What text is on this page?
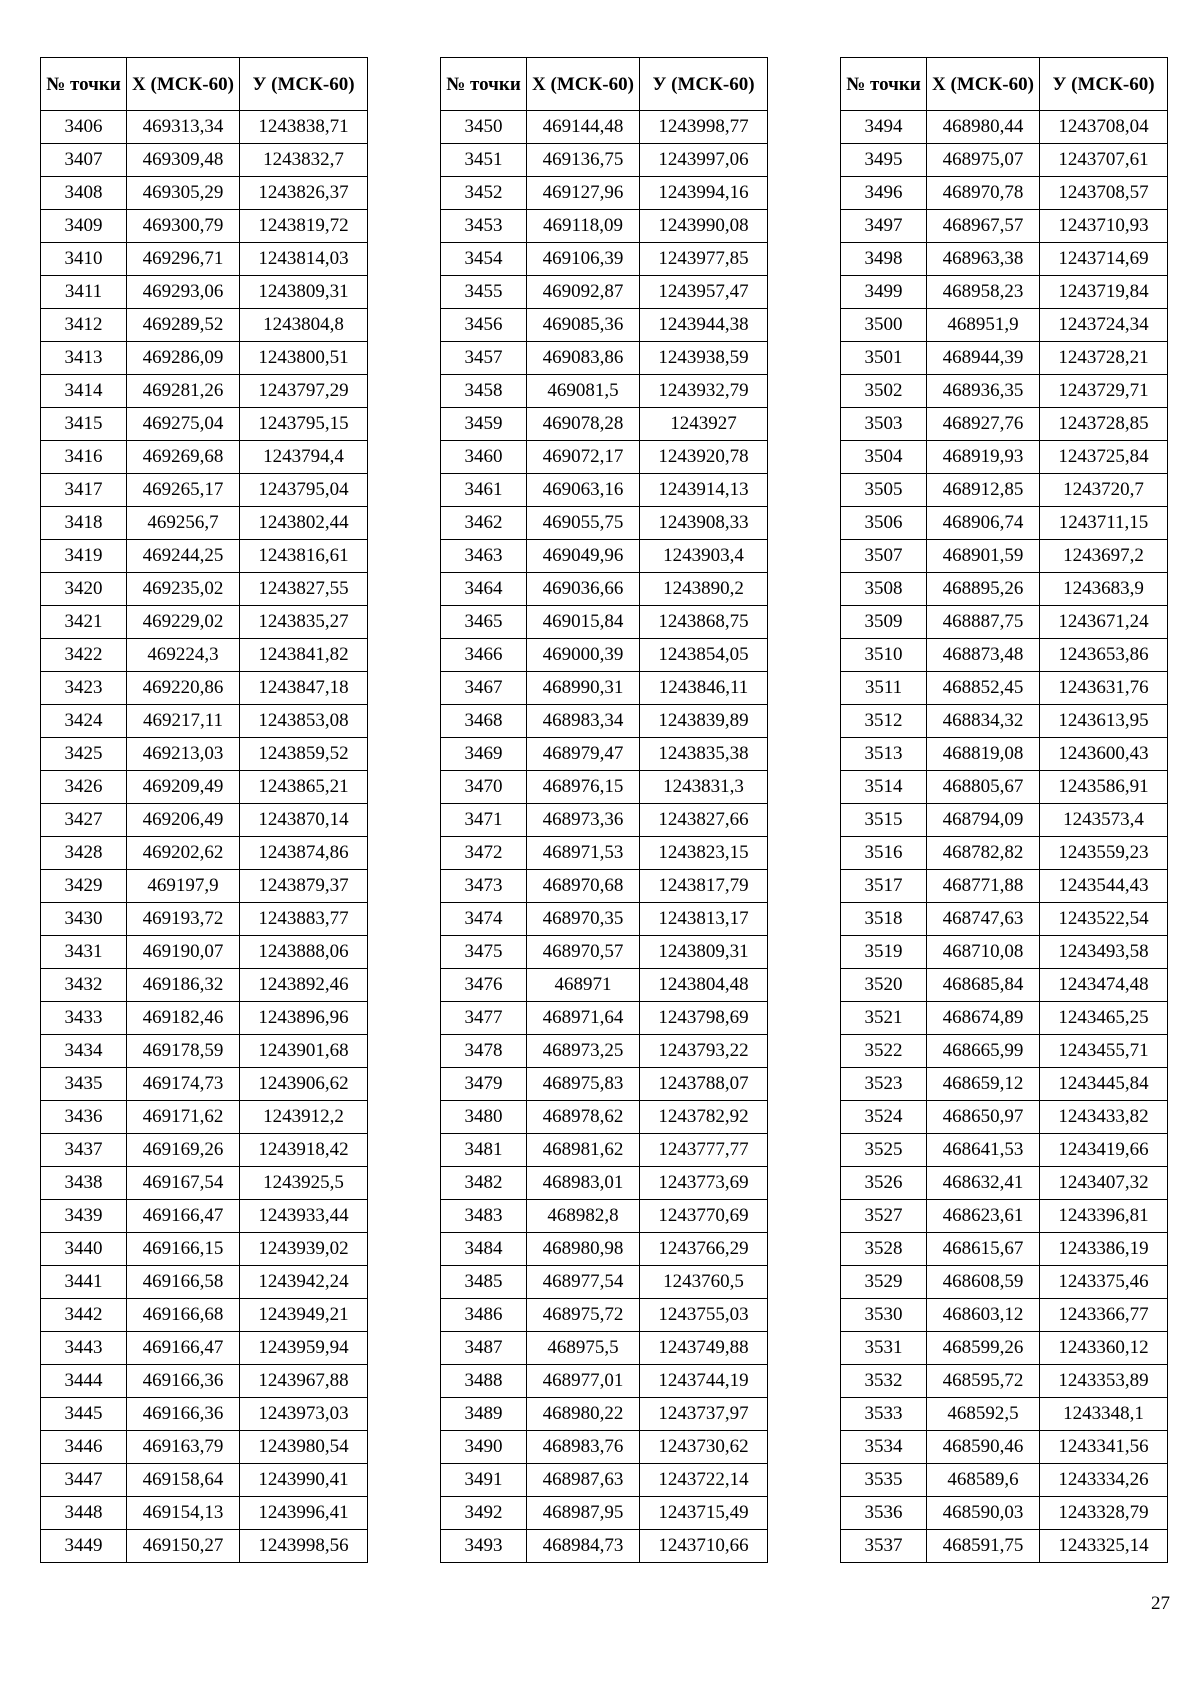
№ точки	Х (МСК-60)	У (МСК-60)
3406	469313,34	1243838,71
3407	469309,48	1243832,7
3408	469305,29	1243826,37
3409	469300,79	1243819,72
3410	469296,71	1243814,03
3411	469293,06	1243809,31
3412	469289,52	1243804,8
3413	469286,09	1243800,51
3414	469281,26	1243797,29
3415	469275,04	1243795,15
3416	469269,68	1243794,4
3417	469265,17	1243795,04
3418	469256,7	1243802,44
3419	469244,25	1243816,61
3420	469235,02	1243827,55
3421	469229,02	1243835,27
3422	469224,3	1243841,82
3423	469220,86	1243847,18
3424	469217,11	1243853,08
3425	469213,03	1243859,52
3426	469209,49	1243865,21
3427	469206,49	1243870,14
3428	469202,62	1243874,86
3429	469197,9	1243879,37
3430	469193,72	1243883,77
3431	469190,07	1243888,06
3432	469186,32	1243892,46
3433	469182,46	1243896,96
3434	469178,59	1243901,68
3435	469174,73	1243906,62
3436	469171,62	1243912,2
3437	469169,26	1243918,42
3438	469167,54	1243925,5
3439	469166,47	1243933,44
3440	469166,15	1243939,02
3441	469166,58	1243942,24
3442	469166,68	1243949,21
3443	469166,47	1243959,94
3444	469166,36	1243967,88
3445	469166,36	1243973,03
3446	469163,79	1243980,54
3447	469158,64	1243990,41
3448	469154,13	1243996,41
3449	469150,27	1243998,56
№ точки	Х (МСК-60)	У (МСК-60)
3450	469144,48	1243998,77
3451	469136,75	1243997,06
3452	469127,96	1243994,16
3453	469118,09	1243990,08
3454	469106,39	1243977,85
3455	469092,87	1243957,47
3456	469085,36	1243944,38
3457	469083,86	1243938,59
3458	469081,5	1243932,79
3459	469078,28	1243927
3460	469072,17	1243920,78
3461	469063,16	1243914,13
3462	469055,75	1243908,33
3463	469049,96	1243903,4
3464	469036,66	1243890,2
3465	469015,84	1243868,75
3466	469000,39	1243854,05
3467	468990,31	1243846,11
3468	468983,34	1243839,89
3469	468979,47	1243835,38
3470	468976,15	1243831,3
3471	468973,36	1243827,66
3472	468971,53	1243823,15
3473	468970,68	1243817,79
3474	468970,35	1243813,17
3475	468970,57	1243809,31
3476	468971	1243804,48
3477	468971,64	1243798,69
3478	468973,25	1243793,22
3479	468975,83	1243788,07
3480	468978,62	1243782,92
3481	468981,62	1243777,77
3482	468983,01	1243773,69
3483	468982,8	1243770,69
3484	468980,98	1243766,29
3485	468977,54	1243760,5
3486	468975,72	1243755,03
3487	468975,5	1243749,88
3488	468977,01	1243744,19
3489	468980,22	1243737,97
3490	468983,76	1243730,62
3491	468987,63	1243722,14
3492	468987,95	1243715,49
3493	468984,73	1243710,66
№ точки	Х (МСК-60)	У (МСК-60)
3494	468980,44	1243708,04
3495	468975,07	1243707,61
3496	468970,78	1243708,57
3497	468967,57	1243710,93
3498	468963,38	1243714,69
3499	468958,23	1243719,84
3500	468951,9	1243724,34
3501	468944,39	1243728,21
3502	468936,35	1243729,71
3503	468927,76	1243728,85
3504	468919,93	1243725,84
3505	468912,85	1243720,7
3506	468906,74	1243711,15
3507	468901,59	1243697,2
3508	468895,26	1243683,9
3509	468887,75	1243671,24
3510	468873,48	1243653,86
3511	468852,45	1243631,76
3512	468834,32	1243613,95
3513	468819,08	1243600,43
3514	468805,67	1243586,91
3515	468794,09	1243573,4
3516	468782,82	1243559,23
3517	468771,88	1243544,43
3518	468747,63	1243522,54
3519	468710,08	1243493,58
3520	468685,84	1243474,48
3521	468674,89	1243465,25
3522	468665,99	1243455,71
3523	468659,12	1243445,84
3524	468650,97	1243433,82
3525	468641,53	1243419,66
3526	468632,41	1243407,32
3527	468623,61	1243396,81
3528	468615,67	1243386,19
3529	468608,59	1243375,46
3530	468603,12	1243366,77
3531	468599,26	1243360,12
3532	468595,72	1243353,89
3533	468592,5	1243348,1
3534	468590,46	1243341,56
3535	468589,6	1243334,26
3536	468590,03	1243328,79
3537	468591,75	1243325,14
27
